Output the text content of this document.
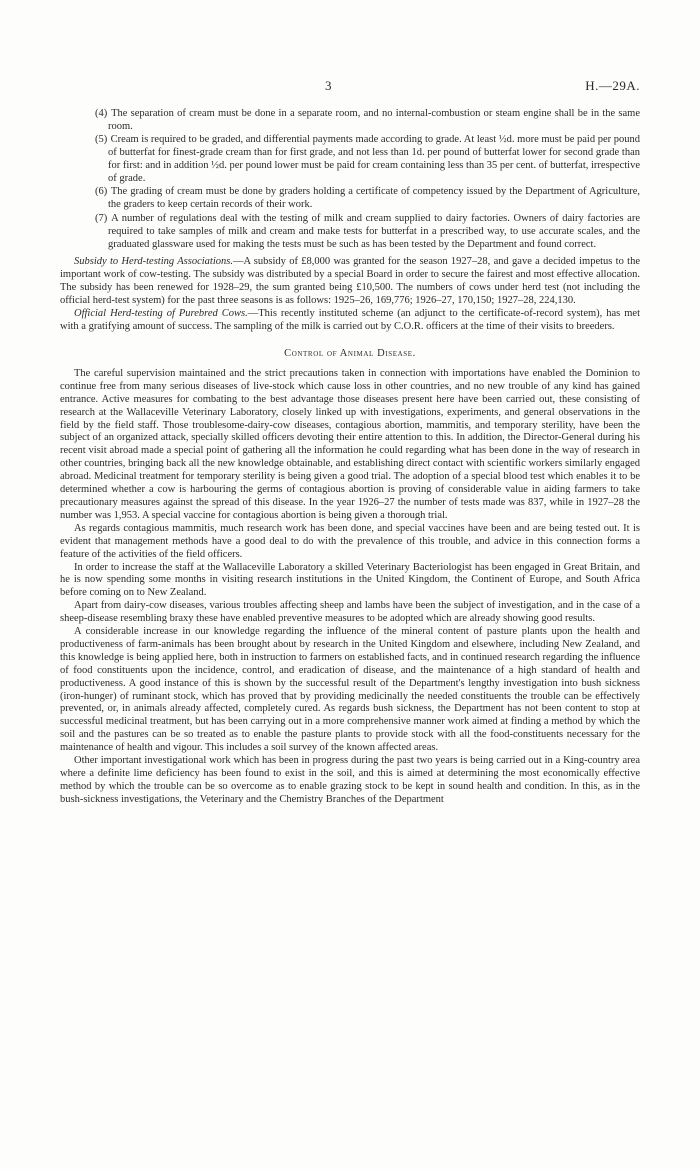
3	H.—29A.
(4) The separation of cream must be done in a separate room, and no internal-combustion or steam engine shall be in the same room.
(5) Cream is required to be graded, and differential payments made according to grade. At least ½d. more must be paid per pound of butterfat for finest-grade cream than for first grade, and not less than 1d. per pound of butterfat lower for second grade than for first: and in addition ½d. per pound lower must be paid for cream containing less than 35 per cent. of butterfat, irrespective of grade.
(6) The grading of cream must be done by graders holding a certificate of competency issued by the Department of Agriculture, the graders to keep certain records of their work.
(7) A number of regulations deal with the testing of milk and cream supplied to dairy factories. Owners of dairy factories are required to take samples of milk and cream and make tests for butterfat in a prescribed way, to use accurate scales, and the graduated glassware used for making the tests must be such as has been tested by the Department and found correct.

Subsidy to Herd-testing Associations.—A subsidy of £8,000 was granted for the season 1927–28, and gave a decided impetus to the important work of cow-testing. The subsidy was distributed by a special Board in order to secure the fairest and most effective allocation. The subsidy has been renewed for 1928–29, the sum granted being £10,500. The numbers of cows under herd test (not including the official herd-test system) for the past three seasons is as follows: 1925–26, 169,776; 1926–27, 170,150; 1927–28, 224,130.

Official Herd-testing of Purebred Cows.—This recently instituted scheme (an adjunct to the certificate-of-record system), has met with a gratifying amount of success. The sampling of the milk is carried out by C.O.R. officers at the time of their visits to breeders.

Control of Animal Disease.

The careful supervision maintained and the strict precautions taken in connection with importations have enabled the Dominion to continue free from many serious diseases of live-stock which cause loss in other countries, and no new trouble of any kind has gained entrance. Active measures for combating to the best advantage those diseases present here have been carried out, these consisting of research at the Wallaceville Veterinary Laboratory, closely linked up with investigations, experiments, and general observations in the field by the field staff. Those troublesome-dairy-cow diseases, contagious abortion, mammitis, and temporary sterility, have been the subject of an organized attack, specially skilled officers devoting their entire attention to this. In addition, the Director-General during his recent visit abroad made a special point of gathering all the information he could regarding what has been done in the way of research in other countries, bringing back all the new knowledge obtainable, and establishing direct contact with scientific workers similarly engaged abroad. Medicinal treatment for temporary sterility is being given a good trial. The adoption of a special blood test which enables it to be determined whether a cow is harbouring the germs of contagious abortion is proving of considerable value in aiding farmers to take precautionary measures against the spread of this disease. In the year 1926–27 the number of tests made was 837, while in 1927–28 the number was 1,953. A special vaccine for contagious abortion is being given a thorough trial.

As regards contagious mammitis, much research work has been done, and special vaccines have been and are being tested out. It is evident that management methods have a good deal to do with the prevalence of this trouble, and advice in this connection forms a feature of the activities of the field officers.

In order to increase the staff at the Wallaceville Laboratory a skilled Veterinary Bacteriologist has been engaged in Great Britain, and he is now spending some months in visiting research institutions in the United Kingdom, the Continent of Europe, and South Africa before coming on to New Zealand.

Apart from dairy-cow diseases, various troubles affecting sheep and lambs have been the subject of investigation, and in the case of a sheep-disease resembling braxy these have enabled preventive measures to be adopted which are already showing good results.

A considerable increase in our knowledge regarding the influence of the mineral content of pasture plants upon the health and productiveness of farm-animals has been brought about by research in the United Kingdom and elsewhere, including New Zealand, and this knowledge is being applied here, both in instruction to farmers on established facts, and in continued research regarding the influence of food constituents upon the incidence, control, and eradication of disease, and the maintenance of a high standard of health and productiveness. A good instance of this is shown by the successful result of the Department's lengthy investigation into bush sickness (iron-hunger) of ruminant stock, which has proved that by providing medicinally the needed constituents the trouble can be effectively prevented, or, in animals already affected, completely cured. As regards bush sickness, the Department has not been content to stop at successful medicinal treatment, but has been carrying out in a more comprehensive manner work aimed at finding a method by which the soil and the pastures can be so treated as to enable the pasture plants to provide stock with all the food-constituents necessary for the maintenance of health and vigour. This includes a soil survey of the known affected areas.

Other important investigational work which has been in progress during the past two years is being carried out in a King-country area where a definite lime deficiency has been found to exist in the soil, and this is aimed at determining the most economically effective method by which the trouble can be so overcome as to enable grazing stock to be kept in sound health and condition. In this, as in the bush-sickness investigations, the Veterinary and the Chemistry Branches of the Department
